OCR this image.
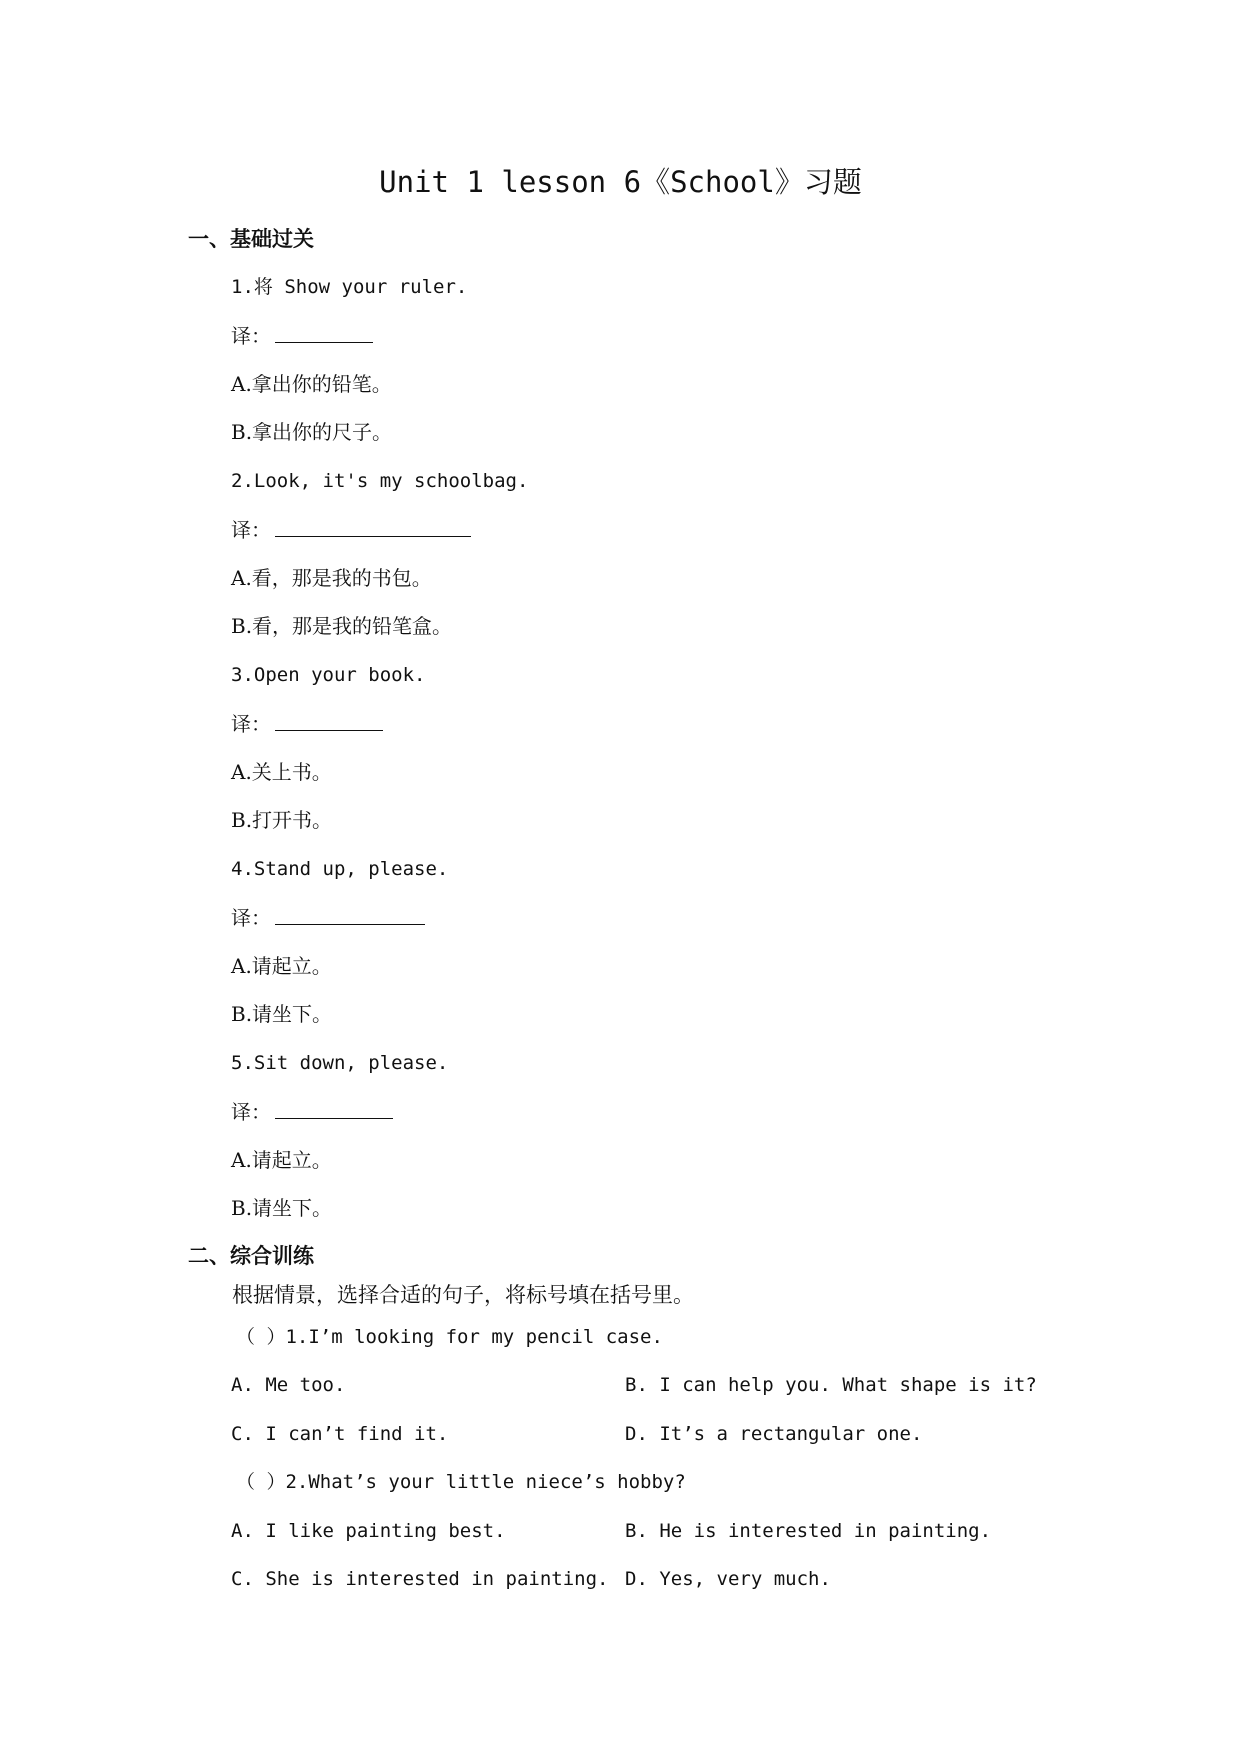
Unit 1 lesson 6《School》习题
一、基础过关
1.将 Show your ruler.
译：
A.拿出你的铅笔。
B.拿出你的尺子。
2.Look, it's my schoolbag.
译：
A.看，那是我的书包。
B.看，那是我的铅笔盒。
3.Open your book.
译：
A.关上书。
B.打开书。
4.Stand up, please.
译：
A.请起立。
B.请坐下。
5.Sit down, please.
译：
A.请起立。
B.请坐下。
二、综合训练
根据情景，选择合适的句子，将标号填在括号里。
（ ）1.I’m looking for my pencil case.
A. Me too.	B. I can help you. What shape is it?
C. I can’t find it.	D. It’s a rectangular one.
（ ）2.What’s your little niece’s hobby?
A. I like painting best.	B. He is interested in painting.
C. She is interested in painting. D. Yes, very much.
